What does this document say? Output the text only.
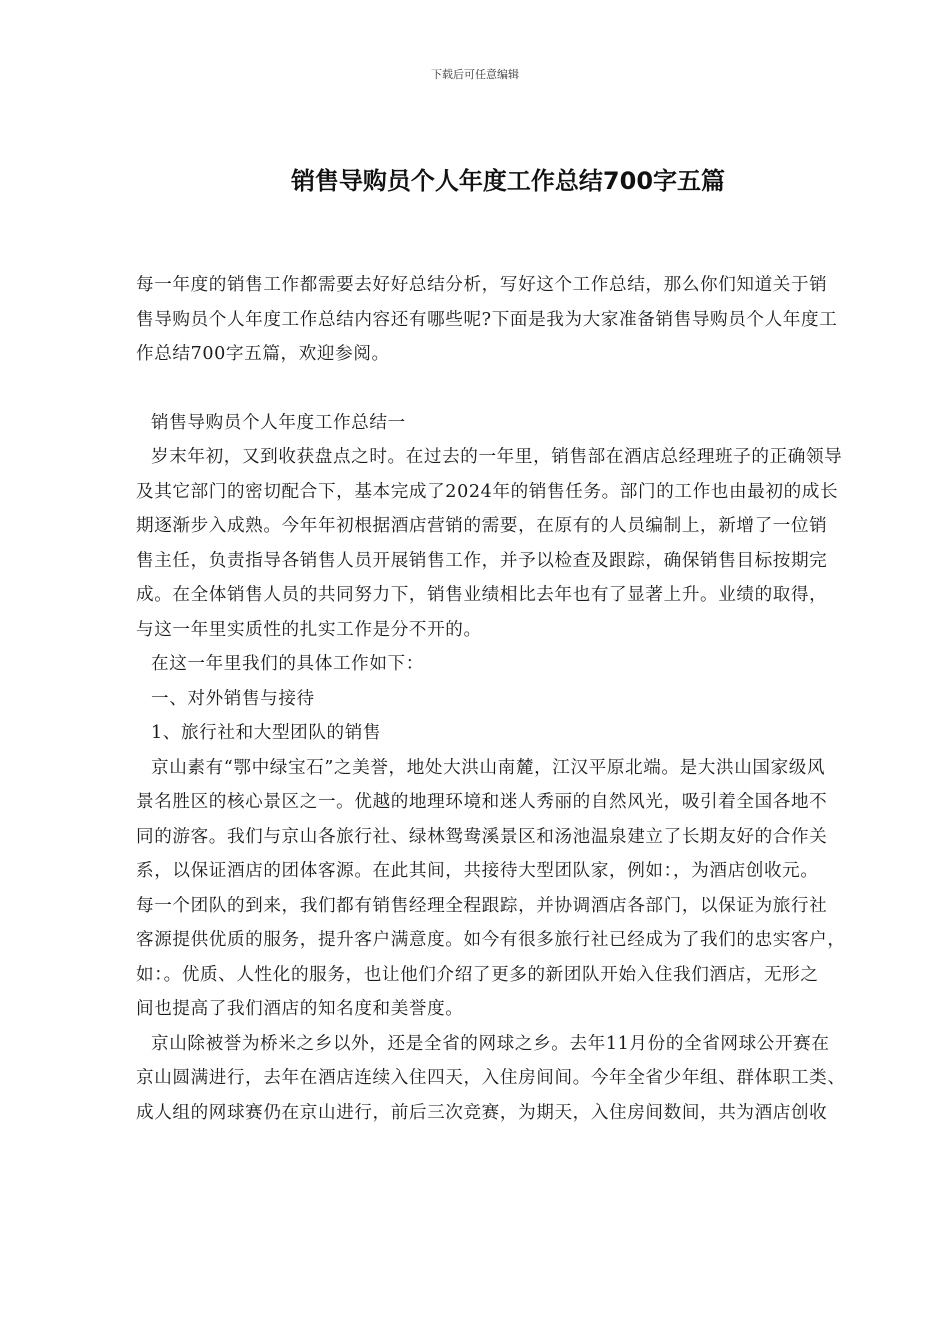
下载后可任意编辑
销售导购员个人年度工作总结700字五篇
每一年度的销售工作都需要去好好总结分析，写好这个工作总结，那么你们知道关于销
售导购员个人年度工作总结内容还有哪些呢?下面是我为大家准备销售导购员个人年度工
作总结700字五篇，欢迎参阅。
销售导购员个人年度工作总结一
岁末年初，又到收获盘点之时。在过去的一年里，销售部在酒店总经理班子的正确领导
及其它部门的密切配合下，基本完成了2024年的销售任务。部门的工作也由最初的成长
期逐渐步入成熟。今年年初根据酒店营销的需要，在原有的人员编制上，新增了一位销
售主任，负责指导各销售人员开展销售工作，并予以检查及跟踪，确保销售目标按期完
成。在全体销售人员的共同努力下，销售业绩相比去年也有了显著上升。业绩的取得，
与这一年里实质性的扎实工作是分不开的。
在这一年里我们的具体工作如下：
一、对外销售与接待
1、旅行社和大型团队的销售
京山素有“鄂中绿宝石”之美誉，地处大洪山南麓，江汉平原北端。是大洪山国家级风
景名胜区的核心景区之一。优越的地理环境和迷人秀丽的自然风光，吸引着全国各地不
同的游客。我们与京山各旅行社、绿林鸳鸯溪景区和汤池温泉建立了长期友好的合作关
系，以保证酒店的团体客源。在此其间，共接待大型团队家，例如：，为酒店创收元。
每一个团队的到来，我们都有销售经理全程跟踪，并协调酒店各部门，以保证为旅行社
客源提供优质的服务，提升客户满意度。如今有很多旅行社已经成为了我们的忠实客户，
如：。优质、人性化的服务，也让他们介绍了更多的新团队开始入住我们酒店，无形之
间也提高了我们酒店的知名度和美誉度。
京山除被誉为桥米之乡以外，还是全省的网球之乡。去年11月份的全省网球公开赛在
京山圆满进行，去年在酒店连续入住四天，入住房间间。今年全省少年组、群体职工类、
成人组的网球赛仍在京山进行，前后三次竞赛，为期天，入住房间数间，共为酒店创收
